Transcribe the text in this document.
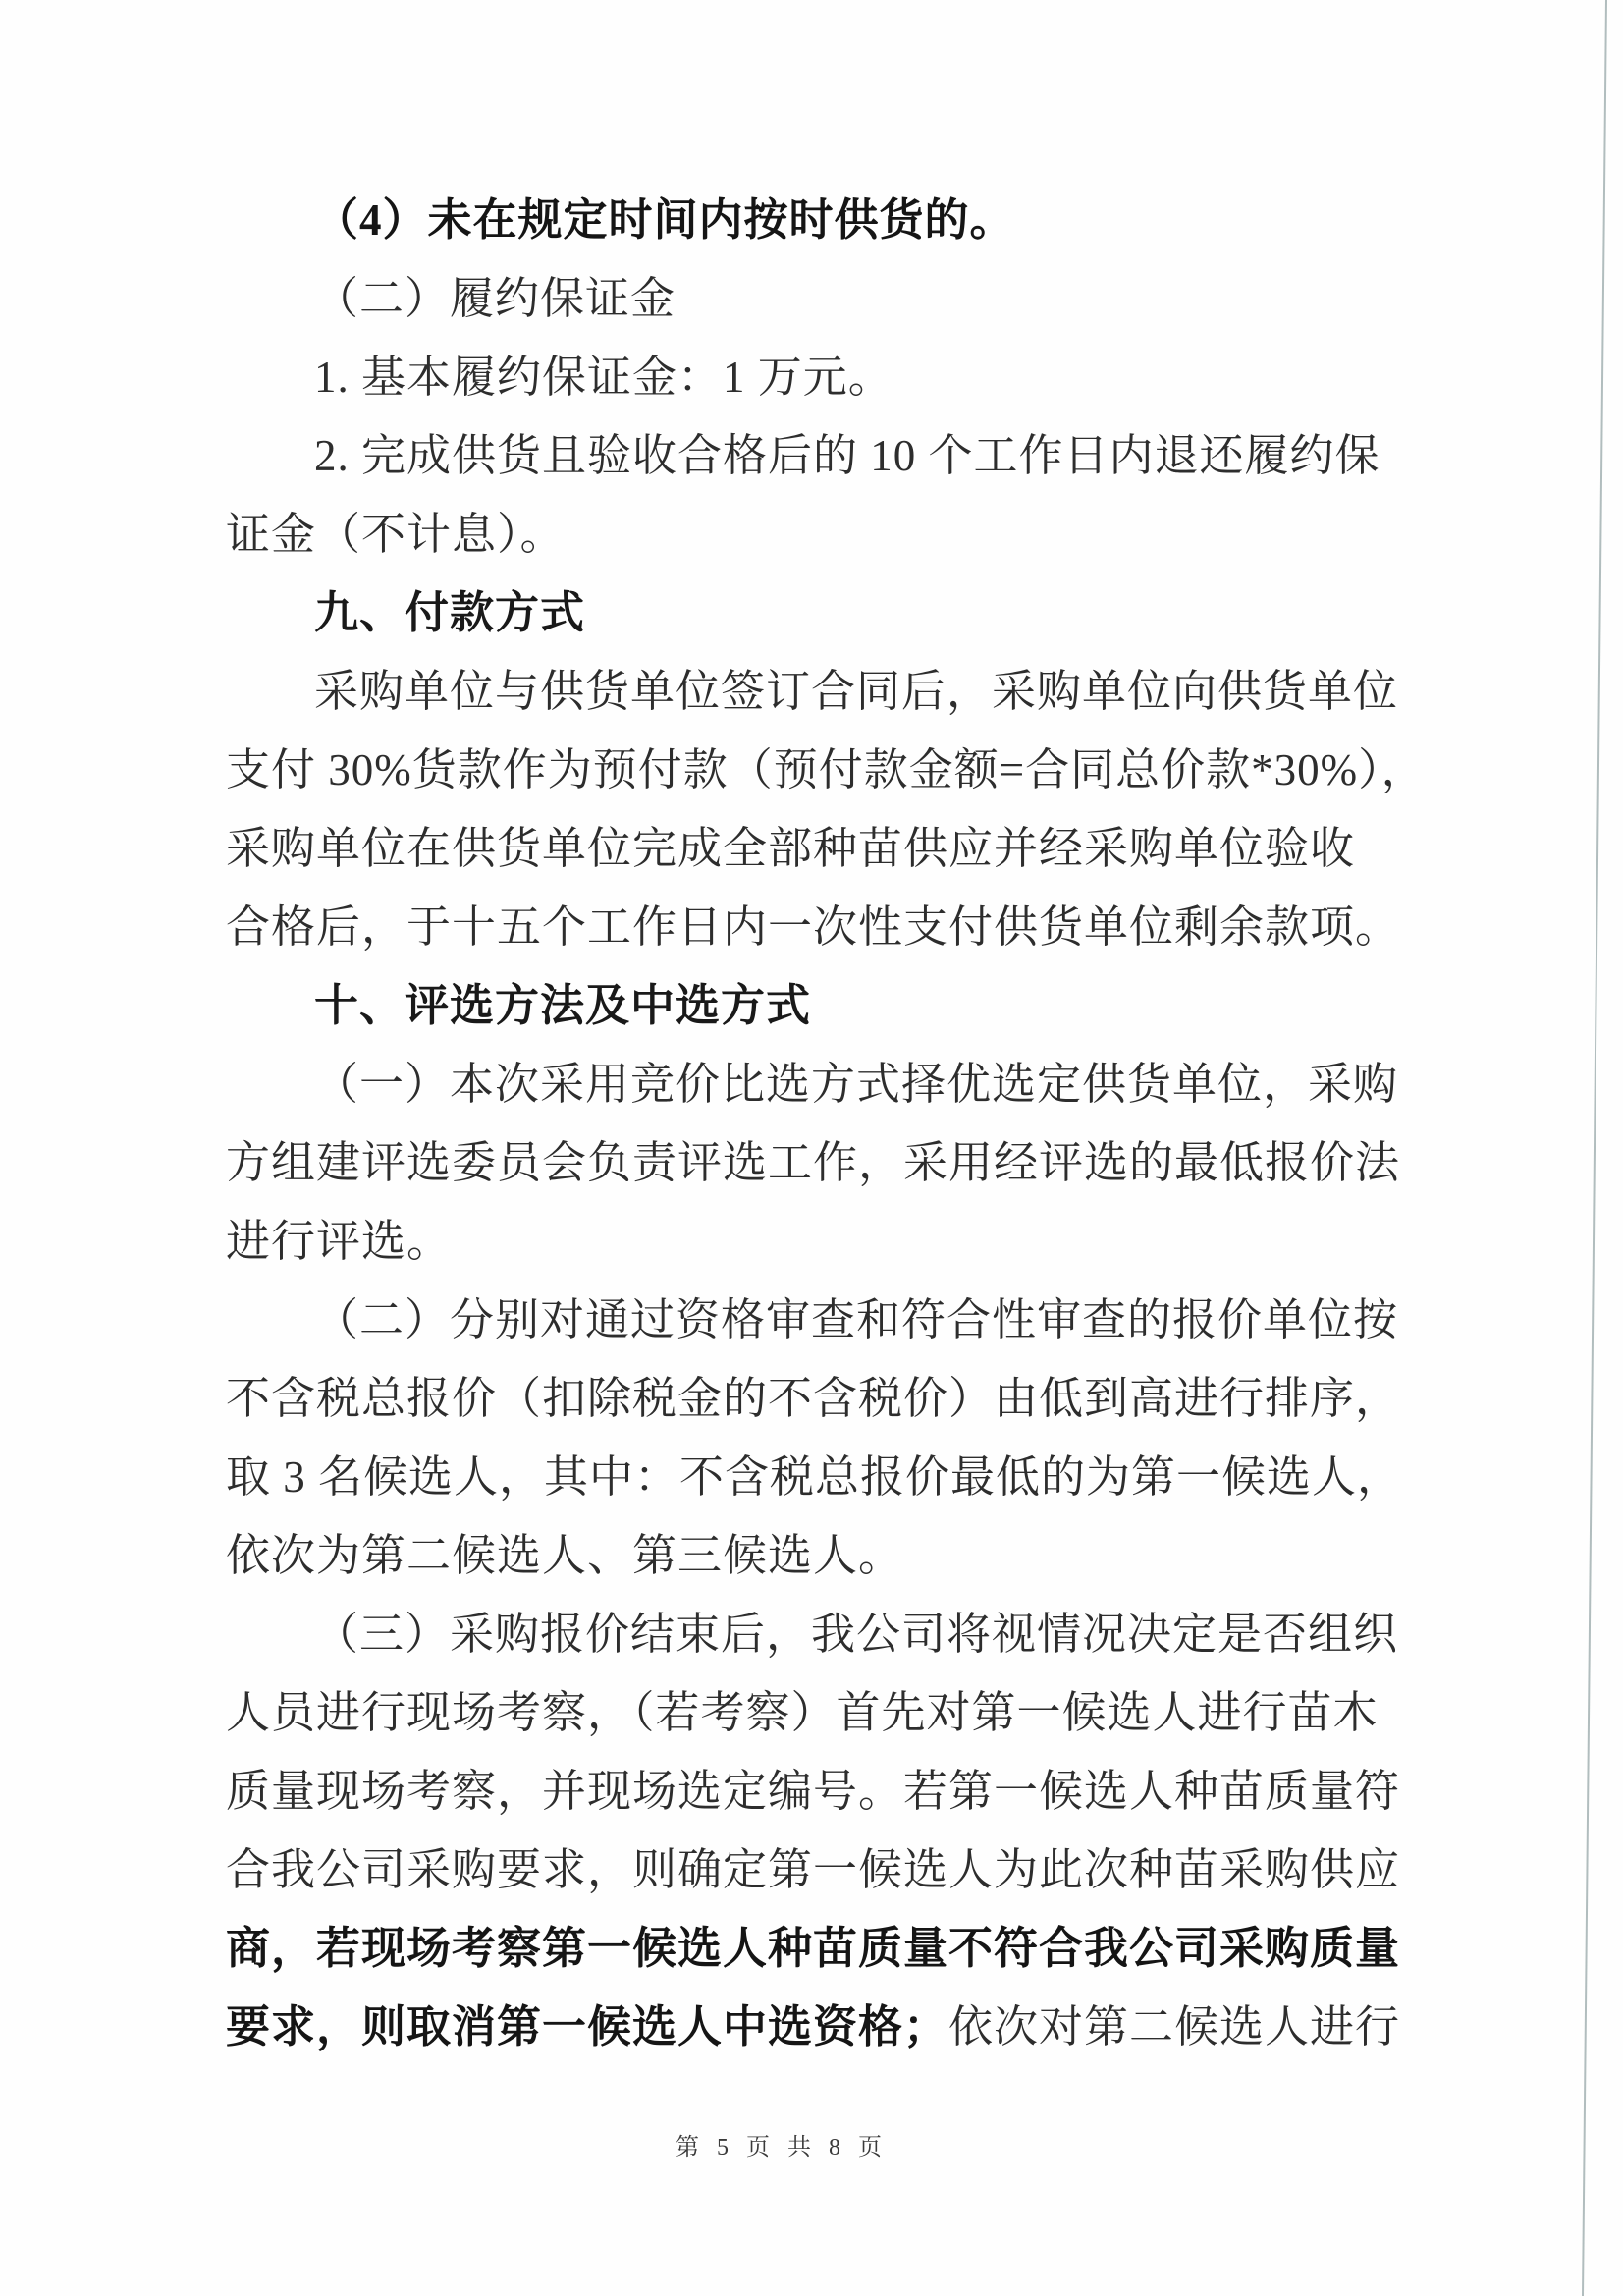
（4）未在规定时间内按时供货的。
（二）履约保证金
1. 基本履约保证金：1 万元。
2. 完成供货且验收合格后的 10 个工作日内退还履约保
证金（不计息）。
九、付款方式
采购单位与供货单位签订合同后，采购单位向供货单位
支付 30%货款作为预付款（预付款金额=合同总价款*30%），
采购单位在供货单位完成全部种苗供应并经采购单位验收
合格后，于十五个工作日内一次性支付供货单位剩余款项。
十、评选方法及中选方式
（一）本次采用竞价比选方式择优选定供货单位，采购
方组建评选委员会负责评选工作，采用经评选的最低报价法
进行评选。
（二）分别对通过资格审查和符合性审查的报价单位按
不含税总报价（扣除税金的不含税价）由低到高进行排序，
取 3 名候选人，其中：不含税总报价最低的为第一候选人，
依次为第二候选人、第三候选人。
（三）采购报价结束后，我公司将视情况决定是否组织
人员进行现场考察，（若考察）首先对第一候选人进行苗木
质量现场考察，并现场选定编号。若第一候选人种苗质量符
合我公司采购要求，则确定第一候选人为此次种苗采购供应
商，若现场考察第一候选人种苗质量不符合我公司采购质量
要求，则取消第一候选人中选资格；依次对第二候选人进行
第 5 页 共 8 页
